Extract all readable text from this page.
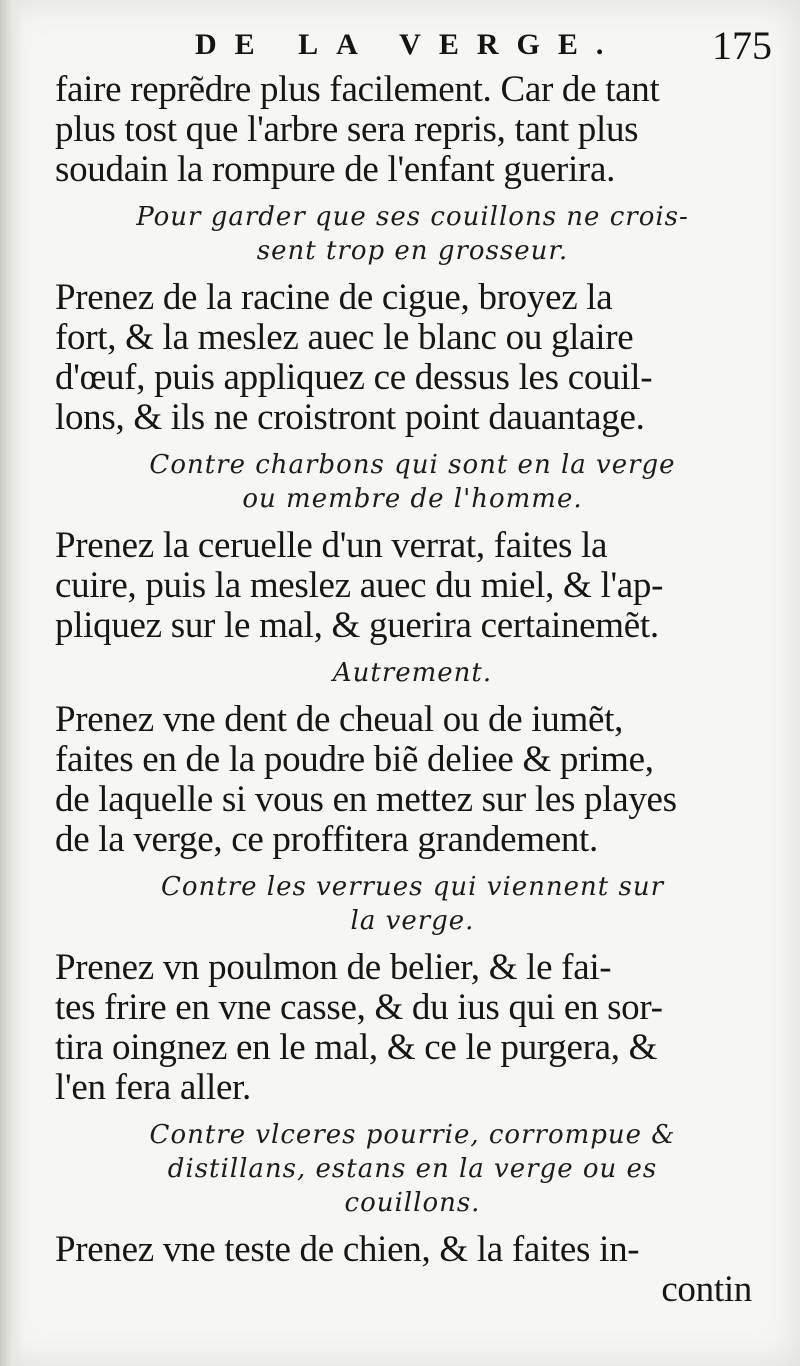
DE LA VERGE. 175
faire reprẽdre plus facilement. Car de tant
plus tost que l'arbre sera repris, tant plus
soudain la rompure de l'enfant guerira.
Pour garder que ses couillons ne crois-
sent trop en grosseur.
Prenez de la racine de cigue, broyez la
fort, & la meslez auec le blanc ou glaire
d'œuf, puis appliquez ce dessus les couil-
lons, & ils ne croistront point dauantage.
Contre charbons qui sont en la verge
ou membre de l'homme.
Prenez la ceruelle d'un verrat, faites la
cuire, puis la meslez auec du miel, & l'ap-
pliquez sur le mal, & guerira certainemẽt.
Autrement.
Prenez vne dent de cheual ou de iumẽt,
faites en de la poudre biẽ deliee & prime,
de laquelle si vous en mettez sur les playes
de la verge, ce proffitera grandement.
Contre les verrues qui viennent sur
la verge.
Prenez vn poulmon de belier, & le fai-
tes frire en vne casse, & du ius qui en sor-
tira oingnez en le mal, & ce le purgera, &
l'en fera aller.
Contre vlceres pourrie, corrompue &
distillans, estans en la verge ou es
couillons.
Prenez vne teste de chien, & la faites in-
contin
